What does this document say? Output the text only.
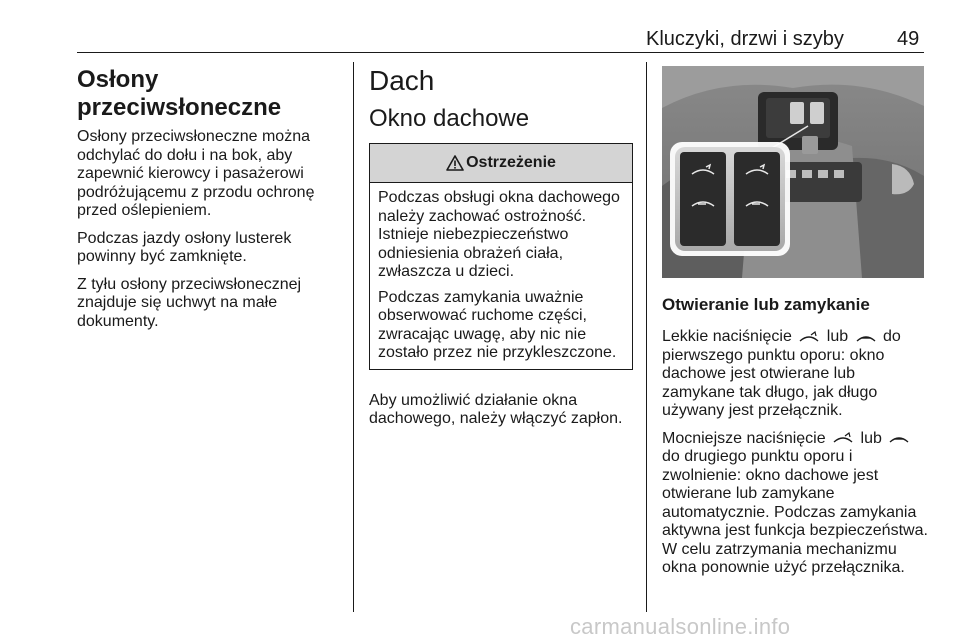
Kluczyki, drzwi i szyby	49
Osłony przeciwsłoneczne

Osłony przeciwsłoneczne można odchylać do dołu i na bok, aby zapewnić kierowcy i pasażerowi podróżującemu z przodu ochronę przed oślepieniem.

Podczas jazdy osłony lusterek powinny być zamknięte.

Z tyłu osłony przeciwsłonecznej znajduje się uchwyt na małe dokumenty.

Dach
Okno dachowe
Ostrzeżenie

Podczas obsługi okna dachowego należy zachować ostrożność. Istnieje niebezpieczeństwo odniesienia obrażeń ciała, zwłaszcza u dzieci.

Podczas zamykania uważnie obserwować ruchome części, zwracając uwagę, aby nic nie zostało przez nie przykleszczone.

Aby umożliwić działanie okna dachowego, należy włączyć zapłon.

Otwieranie lub zamykanie

Lekkie naciśnięcie lub do pierwszego punktu oporu: okno dachowe jest otwierane lub zamykane tak długo, jak długo używany jest przełącznik.

Mocniejsze naciśnięcie lub  do drugiego punktu oporu i zwolnienie: okno dachowe jest otwierane lub zamykane automatycznie. Podczas zamykania aktywna jest funkcja bezpieczeństwa. W celu zatrzymania mechanizmu okna ponownie użyć przełącznika.

carmanualsonline.info
